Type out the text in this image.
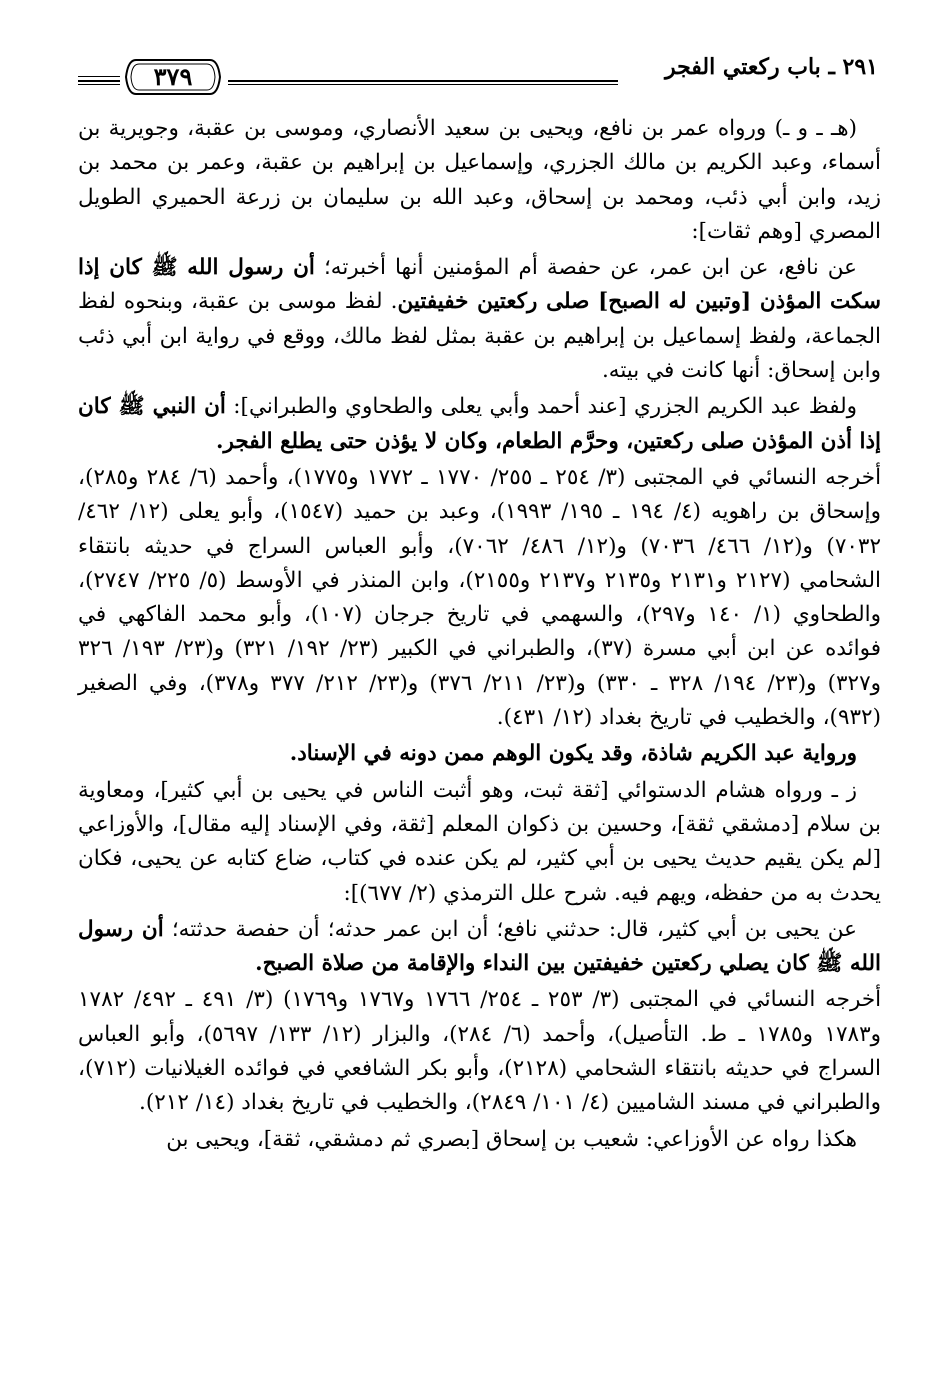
٢٩١ ـ باب ركعتي الفجر
٣٧٩

(هـ ـ و ـ) ورواه عمر بن نافع، ويحيى بن سعيد الأنصاري، وموسى بن عقبة، وجويرية بن أسماء، وعبد الكريم بن مالك الجزري، وإسماعيل بن إبراهيم بن عقبة، وعمر بن محمد بن زيد، وابن أبي ذئب، ومحمد بن إسحاق، وعبد الله بن سليمان بن زرعة الحميري الطويل المصري [وهم ثقات]:

عن نافع، عن ابن عمر، عن حفصة أم المؤمنين أنها أخبرته؛ أن رسول الله ﷺ كان إذا سكت المؤذن [وتبين له الصبح] صلى ركعتين خفيفتين. لفظ موسى بن عقبة، وبنحوه لفظ الجماعة، ولفظ إسماعيل بن إبراهيم بن عقبة بمثل لفظ مالك، ووقع في رواية ابن أبي ذئب وابن إسحاق: أنها كانت في بيته.

ولفظ عبد الكريم الجزري [عند أحمد وأبي يعلى والطحاوي والطبراني]: أن النبي ﷺ كان إذا أذن المؤذن صلى ركعتين، وحرَّم الطعام، وكان لا يؤذن حتى يطلع الفجر.

أخرجه النسائي في المجتبى (٣/ ٢٥٤ ـ ٢٥٥/ ١٧٧٠ ـ ١٧٧٢ و١٧٧٥)، وأحمد (٦/ ٢٨٤ و٢٨٥)، وإسحاق بن راهويه (٤/ ١٩٤ ـ ١٩٥/ ١٩٩٣)، وعبد بن حميد (١٥٤٧)، وأبو يعلى (١٢/ ٤٦٢/ ٧٠٣٢) و(١٢/ ٤٦٦/ ٧٠٣٦) و(١٢/ ٤٨٦/ ٧٠٦٢)، وأبو العباس السراج في حديثه بانتقاء الشحامي (٢١٢٧ و٢١٣١ و٢١٣٥ و٢١٣٧ و٢١٥٥)، وابن المنذر في الأوسط (٥/ ٢٢٥/ ٢٧٤٧)، والطحاوي (١/ ١٤٠ و٢٩٧)، والسهمي في تاريخ جرجان (١٠٧)، وأبو محمد الفاكهي في فوائده عن ابن أبي مسرة (٣٧)، والطبراني في الكبير (٢٣/ ١٩٢/ ٣٢١) و(٢٣/ ١٩٣/ ٣٢٦ و٣٢٧) و(٢٣/ ١٩٤/ ٣٢٨ ـ ٣٣٠) و(٢٣/ ٢١١/ ٣٧٦) و(٢٣/ ٢١٢/ ٣٧٧ و٣٧٨)، وفي الصغير (٩٣٢)، والخطيب في تاريخ بغداد (١٢/ ٤٣١).

ورواية عبد الكريم شاذة، وقد يكون الوهم ممن دونه في الإسناد.

ز ـ ورواه هشام الدستوائي [ثقة ثبت، وهو أثبت الناس في يحيى بن أبي كثير]، ومعاوية بن سلام [دمشقي ثقة]، وحسين بن ذكوان المعلم [ثقة، وفي الإسناد إليه مقال]، والأوزاعي [لم يكن يقيم حديث يحيى بن أبي كثير، لم يكن عنده في كتاب، ضاع كتابه عن يحيى، فكان يحدث به من حفظه، ويهم فيه. شرح علل الترمذي (٢/ ٦٧٧)]:

عن يحيى بن أبي كثير، قال: حدثني نافع؛ أن ابن عمر حدثه؛ أن حفصة حدثته؛ أن رسول الله ﷺ كان يصلي ركعتين خفيفتين بين النداء والإقامة من صلاة الصبح.

أخرجه النسائي في المجتبى (٣/ ٢٥٣ ـ ٢٥٤/ ١٧٦٦ و١٧٦٧ و١٧٦٩) (٣/ ٤٩١ ـ ٤٩٢/ ١٧٨٢ و١٧٨٣ و١٧٨٥ ـ ط. التأصيل)، وأحمد (٦/ ٢٨٤)، والبزار (١٢/ ١٣٣/ ٥٦٩٧)، وأبو العباس السراج في حديثه بانتقاء الشحامي (٢١٢٨)، وأبو بكر الشافعي في فوائده الغيلانيات (٧١٢)، والطبراني في مسند الشاميين (٤/ ١٠١/ ٢٨٤٩)، والخطيب في تاريخ بغداد (١٤/ ٢١٢).

هكذا رواه عن الأوزاعي: شعيب بن إسحاق [بصري ثم دمشقي، ثقة]، ويحيى بن
